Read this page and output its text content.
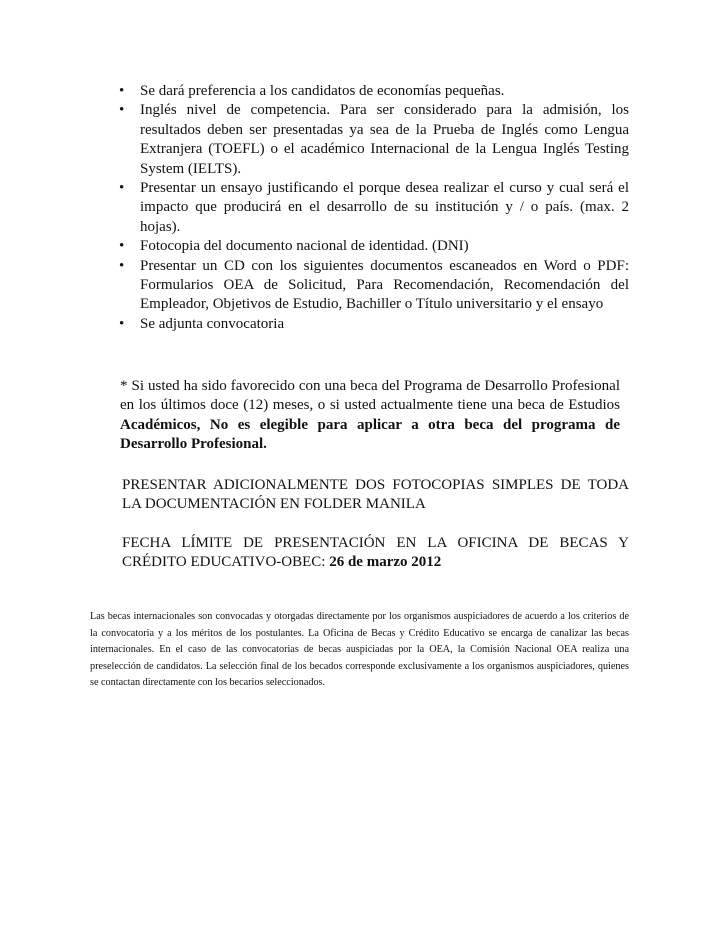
• Se dará preferencia a los candidatos de economías pequeñas.
• Inglés nivel de competencia. Para ser considerado para la admisión, los resultados deben ser presentadas ya sea de la Prueba de Inglés como Lengua Extranjera (TOEFL) o el académico Internacional de la Lengua Inglés Testing System (IELTS).
• Presentar un ensayo justificando el porque desea realizar el curso y cual será el impacto que producirá en el desarrollo de su institución y / o país. (max. 2 hojas).
• Fotocopia del documento nacional de identidad. (DNI)
• Presentar un CD con los siguientes documentos escaneados en Word o PDF: Formularios OEA de Solicitud, Para Recomendación, Recomendación del Empleador, Objetivos de Estudio, Bachiller o Título universitario y el ensayo
• Se adjunta convocatoria

* Si usted ha sido favorecido con una beca del Programa de Desarrollo Profesional en los últimos doce (12) meses, o si usted actualmente tiene una beca de Estudios Académicos, No es elegible para aplicar a otra beca del programa de Desarrollo Profesional.

PRESENTAR ADICIONALMENTE DOS FOTOCOPIAS SIMPLES DE TODA LA DOCUMENTACIÓN EN FOLDER MANILA

FECHA LÍMITE DE PRESENTACIÓN EN LA OFICINA DE BECAS Y CRÉDITO EDUCATIVO-OBEC: 26 de marzo 2012

Las becas internacionales son convocadas y otorgadas directamente por los organismos auspiciadores de acuerdo a los criterios de la convocatoria y a los méritos de los postulantes. La Oficina de Becas y Crédito Educativo se encarga de canalizar las becas internacionales. En el caso de las convocatorias de becas auspiciadas por la OEA, la Comisión Nacional OEA realiza una preselección de candidatos. La selección final de los becados corresponde exclusivamente a los organismos auspiciadores, quienes se contactan directamente con los becarios seleccionados.
